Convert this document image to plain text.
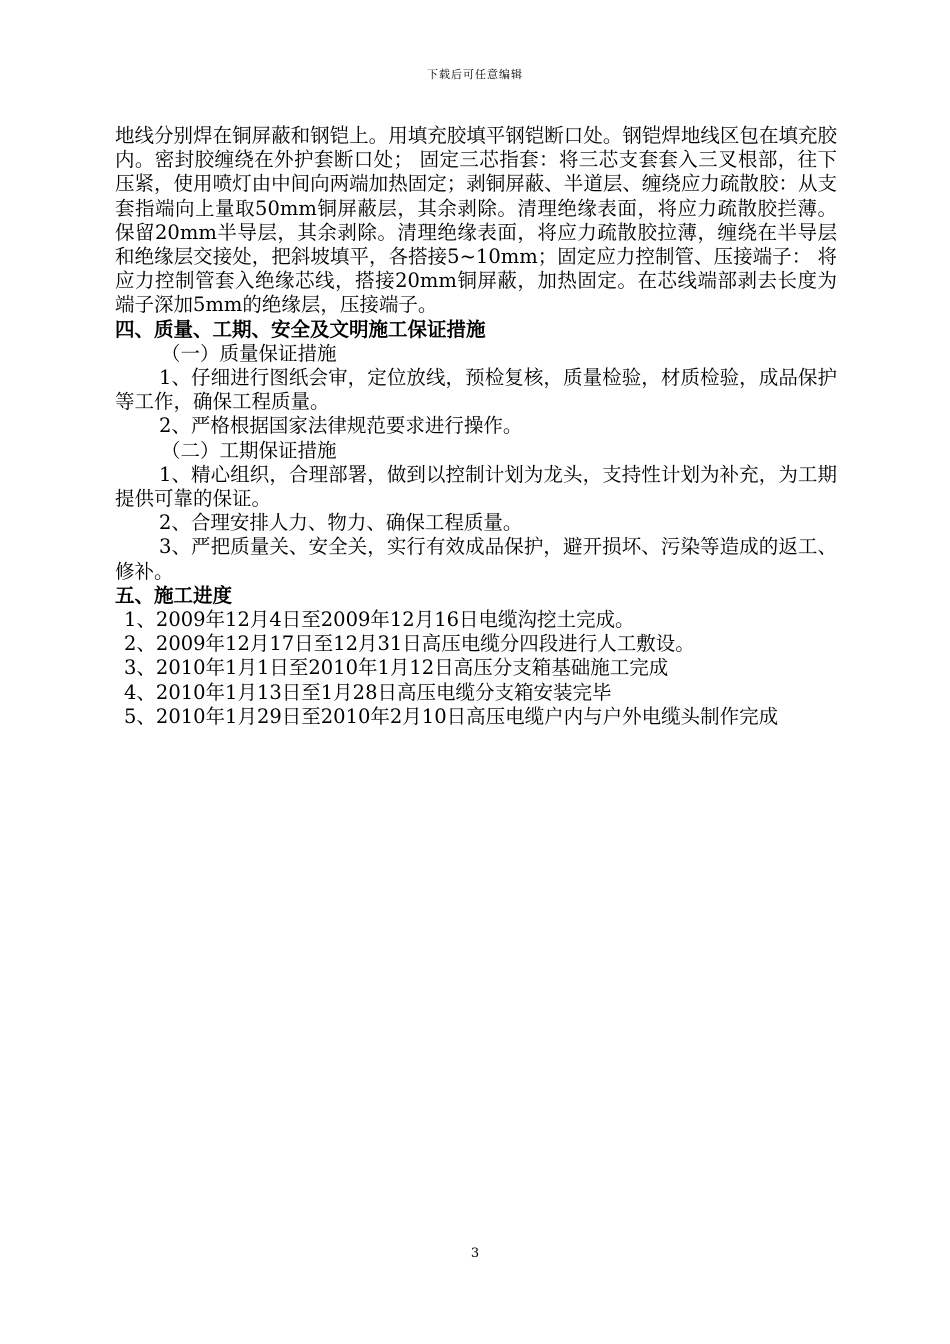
下载后可任意编辑

地线分别焊在铜屏蔽和钢铠上。用填充胶填平钢铠断口处。钢铠焊地线区包在填充胶内。密封胶缠绕在外护套断口处； 固定三芯指套：将三芯支套套入三叉根部，往下压紧，使用喷灯由中间向两端加热固定；剥铜屏蔽、半道层、缠绕应力疏散胶：从支套指端向上量取50mm铜屏蔽层，其余剥除。清理绝缘表面，将应力疏散胶拦薄。保留20mm半导层，其余剥除。清理绝缘表面，将应力疏散胶拉薄，缠绕在半导层和绝缘层交接处，把斜坡填平，各搭接5~10mm；固定应力控制管、压接端子： 将应力控制管套入绝缘芯线，搭接20mm铜屏蔽，加热固定。在芯线端部剥去长度为端子深加5mm的绝缘层，压接端子。

四、质量、工期、安全及文明施工保证措施

（一）质量保证措施

1、仔细进行图纸会审，定位放线，预检复核，质量检验，材质检验，成品保护等工作，确保工程质量。

2、严格根据国家法律规范要求进行操作。

（二）工期保证措施

1、精心组织，合理部署，做到以控制计划为龙头，支持性计划为补充，为工期提供可靠的保证。

2、合理安排人力、物力、确保工程质量。

3、严把质量关、安全关，实行有效成品保护，避开损坏、污染等造成的返工、修补。

五、施工进度

1、2009年12月4日至2009年12月16日电缆沟挖土完成。

2、2009年12月17日至12月31日高压电缆分四段进行人工敷设。

3、2010年1月1日至2010年1月12日高压分支箱基础施工完成

4、2010年1月13日至1月28日高压电缆分支箱安装完毕

5、2010年1月29日至2010年2月10日高压电缆户内与户外电缆头制作完成

3
